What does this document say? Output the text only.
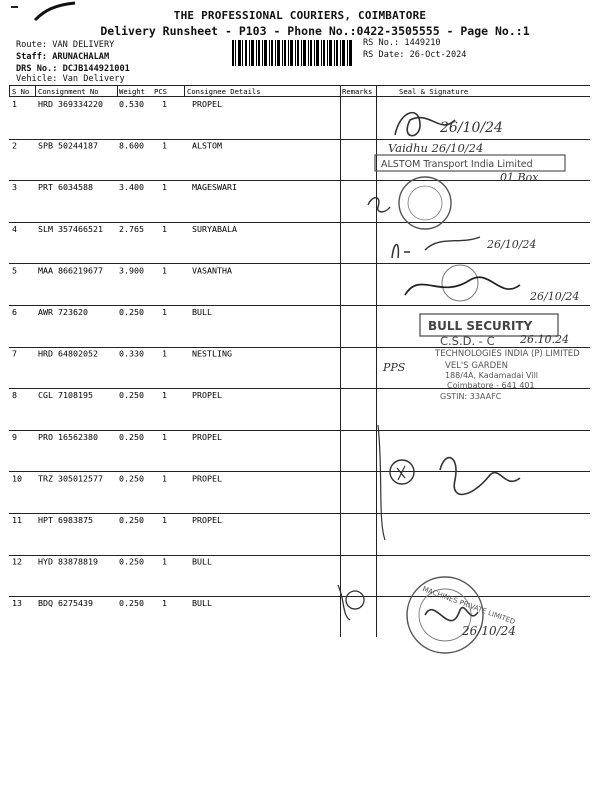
THE PROFESSIONAL COURIERS, COIMBATORE
Delivery Runsheet - P103 - Phone No.:0422-3505555 - Page No.:1
Route: VAN DELIVERY
Staff: ARUNACHALAM
DRS No.: DCJB144921001
Vehicle: Van Delivery
RS No.: 1449210
RS Date: 26-Oct-2024
S No Consignment No	Weight PCS	Consignee Details	Remarks	Seal & Signature
1	HRD 369334220 0.530 1	PROPEL
2	SPB 50244187	8.600 1	ALSTOM
3	PRT 6034588	3.400 1	MAGESWARI
4	SLM 357466521 2.765 1	SURYABALA
5	MAA 866219677 3.900 1	VASANTHA
6	AWR 723620	0.250 1	BULL
7	HRD 64802052	0.330 1	NESTLING
8	CGL 7108195	0.250 1	PROPEL
9	PRO 16562380	0.250 1	PROPEL
10 TRZ 305012577 0.250 1	PROPEL
11 HPT 6983875	0.250 1	PROPEL
12 HYD 83878819	0.250 1	BULL
13 BDQ 6275439	0.250 1	BULL
26/10/24
Vaidhu 26/10/24
ALSTOM Transport India Limited
01 Box
26/10/24
26/10/24
BULL SECURITY
C.S.D. - C 26.10.24
PPS
TECHNOLOGIES INDIA (P) LIMITED
VEL'S GARDEN
188/4A, Kadamadai Vill
Coimbatore - 641 401
GSTIN: 33AAFC
MACHINES PRIVATE LIMITED
26/10/24
